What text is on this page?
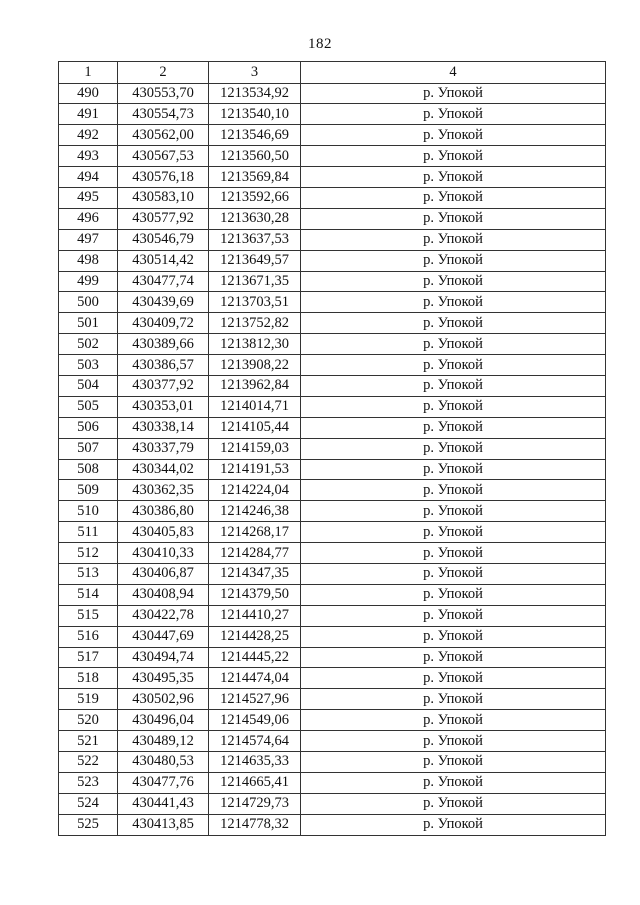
182
1	2	3	4
490	430553,70	1213534,92	р. Упокой
491	430554,73	1213540,10	р. Упокой
492	430562,00	1213546,69	р. Упокой
493	430567,53	1213560,50	р. Упокой
494	430576,18	1213569,84	р. Упокой
495	430583,10	1213592,66	р. Упокой
496	430577,92	1213630,28	р. Упокой
497	430546,79	1213637,53	р. Упокой
498	430514,42	1213649,57	р. Упокой
499	430477,74	1213671,35	р. Упокой
500	430439,69	1213703,51	р. Упокой
501	430409,72	1213752,82	р. Упокой
502	430389,66	1213812,30	р. Упокой
503	430386,57	1213908,22	р. Упокой
504	430377,92	1213962,84	р. Упокой
505	430353,01	1214014,71	р. Упокой
506	430338,14	1214105,44	р. Упокой
507	430337,79	1214159,03	р. Упокой
508	430344,02	1214191,53	р. Упокой
509	430362,35	1214224,04	р. Упокой
510	430386,80	1214246,38	р. Упокой
511	430405,83	1214268,17	р. Упокой
512	430410,33	1214284,77	р. Упокой
513	430406,87	1214347,35	р. Упокой
514	430408,94	1214379,50	р. Упокой
515	430422,78	1214410,27	р. Упокой
516	430447,69	1214428,25	р. Упокой
517	430494,74	1214445,22	р. Упокой
518	430495,35	1214474,04	р. Упокой
519	430502,96	1214527,96	р. Упокой
520	430496,04	1214549,06	р. Упокой
521	430489,12	1214574,64	р. Упокой
522	430480,53	1214635,33	р. Упокой
523	430477,76	1214665,41	р. Упокой
524	430441,43	1214729,73	р. Упокой
525	430413,85	1214778,32	р. Упокой
